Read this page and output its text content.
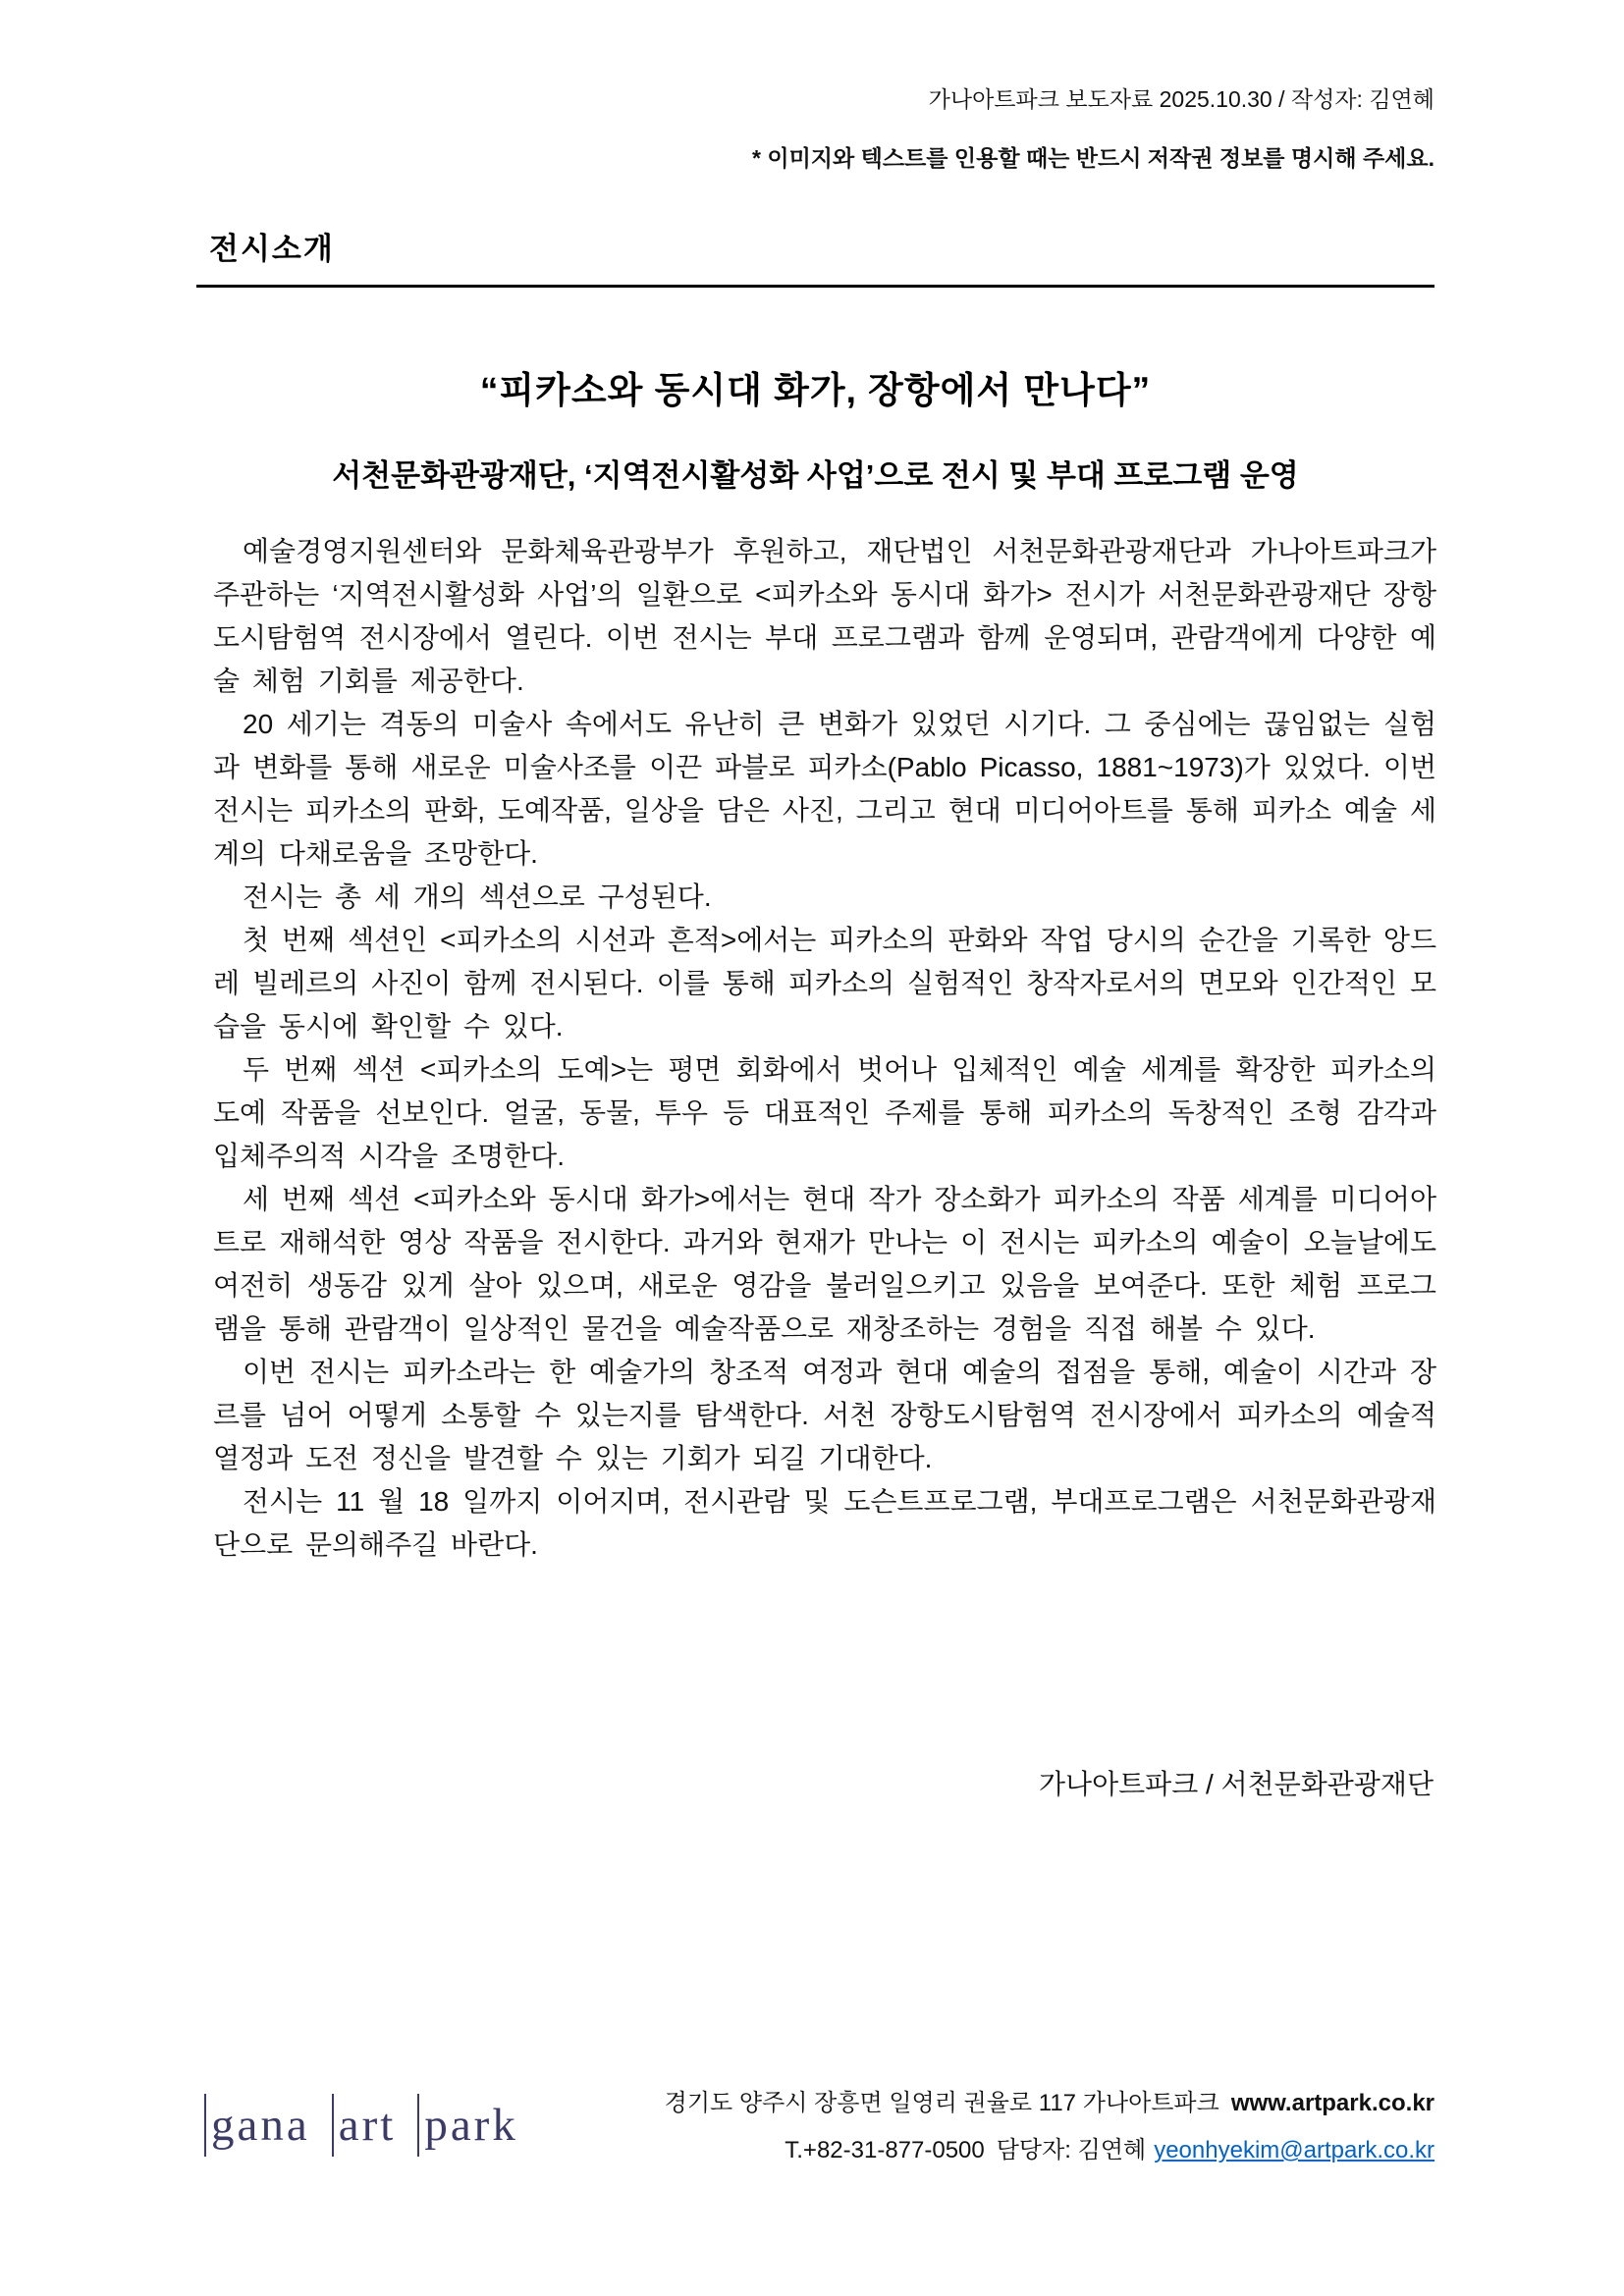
가나아트파크 보도자료 2025.10.30 / 작성자: 김연혜
* 이미지와 텍스트를 인용할 때는 반드시 저작권 정보를 명시해 주세요.
전시소개
“피카소와 동시대 화가, 장항에서 만나다”
서천문화관광재단, ‘지역전시활성화 사업’으로 전시 및 부대 프로그램 운영

예술경영지원센터와 문화체육관광부가 후원하고, 재단법인 서천문화관광재단과 가나아트파크가 주관하는 ‘지역전시활성화 사업’의 일환으로 <피카소와 동시대 화가> 전시가 서천문화관광재단 장항도시탐험역 전시장에서 열린다. 이번 전시는 부대 프로그램과 함께 운영되며, 관람객에게 다양한 예술 체험 기회를 제공한다.

20 세기는 격동의 미술사 속에서도 유난히 큰 변화가 있었던 시기다. 그 중심에는 끊임없는 실험과 변화를 통해 새로운 미술사조를 이끈 파블로 피카소(Pablo Picasso, 1881~1973)가 있었다. 이번 전시는 피카소의 판화, 도예작품, 일상을 담은 사진, 그리고 현대 미디어아트를 통해 피카소 예술 세계의 다채로움을 조망한다.

전시는 총 세 개의 섹션으로 구성된다.

첫 번째 섹션인 <피카소의 시선과 흔적>에서는 피카소의 판화와 작업 당시의 순간을 기록한 앙드레 빌레르의 사진이 함께 전시된다. 이를 통해 피카소의 실험적인 창작자로서의 면모와 인간적인 모습을 동시에 확인할 수 있다.

두 번째 섹션 <피카소의 도예>는 평면 회화에서 벗어나 입체적인 예술 세계를 확장한 피카소의 도예 작품을 선보인다. 얼굴, 동물, 투우 등 대표적인 주제를 통해 피카소의 독창적인 조형 감각과 입체주의적 시각을 조명한다.

세 번째 섹션 <피카소와 동시대 화가>에서는 현대 작가 장소화가 피카소의 작품 세계를 미디어아트로 재해석한 영상 작품을 전시한다. 과거와 현재가 만나는 이 전시는 피카소의 예술이 오늘날에도 여전히 생동감 있게 살아 있으며, 새로운 영감을 불러일으키고 있음을 보여준다. 또한 체험 프로그램을 통해 관람객이 일상적인 물건을 예술작품으로 재창조하는 경험을 직접 해볼 수 있다.

이번 전시는 피카소라는 한 예술가의 창조적 여정과 현대 예술의 접점을 통해, 예술이 시간과 장르를 넘어 어떻게 소통할 수 있는지를 탐색한다. 서천 장항도시탐험역 전시장에서 피카소의 예술적 열정과 도전 정신을 발견할 수 있는 기회가 되길 기대한다.

전시는 11 월 18 일까지 이어지며, 전시관람 및 도슨트프로그램, 부대프로그램은 서천문화관광재단으로 문의해주길 바란다.

가나아트파크 / 서천문화관광재단
gana art park	경기도 양주시 장흥면 일영리 권율로 117 가나아트파크 www.artpark.co.kr
T.+82-31-877-0500 담당자: 김연혜 yeonhyekim@artpark.co.kr
